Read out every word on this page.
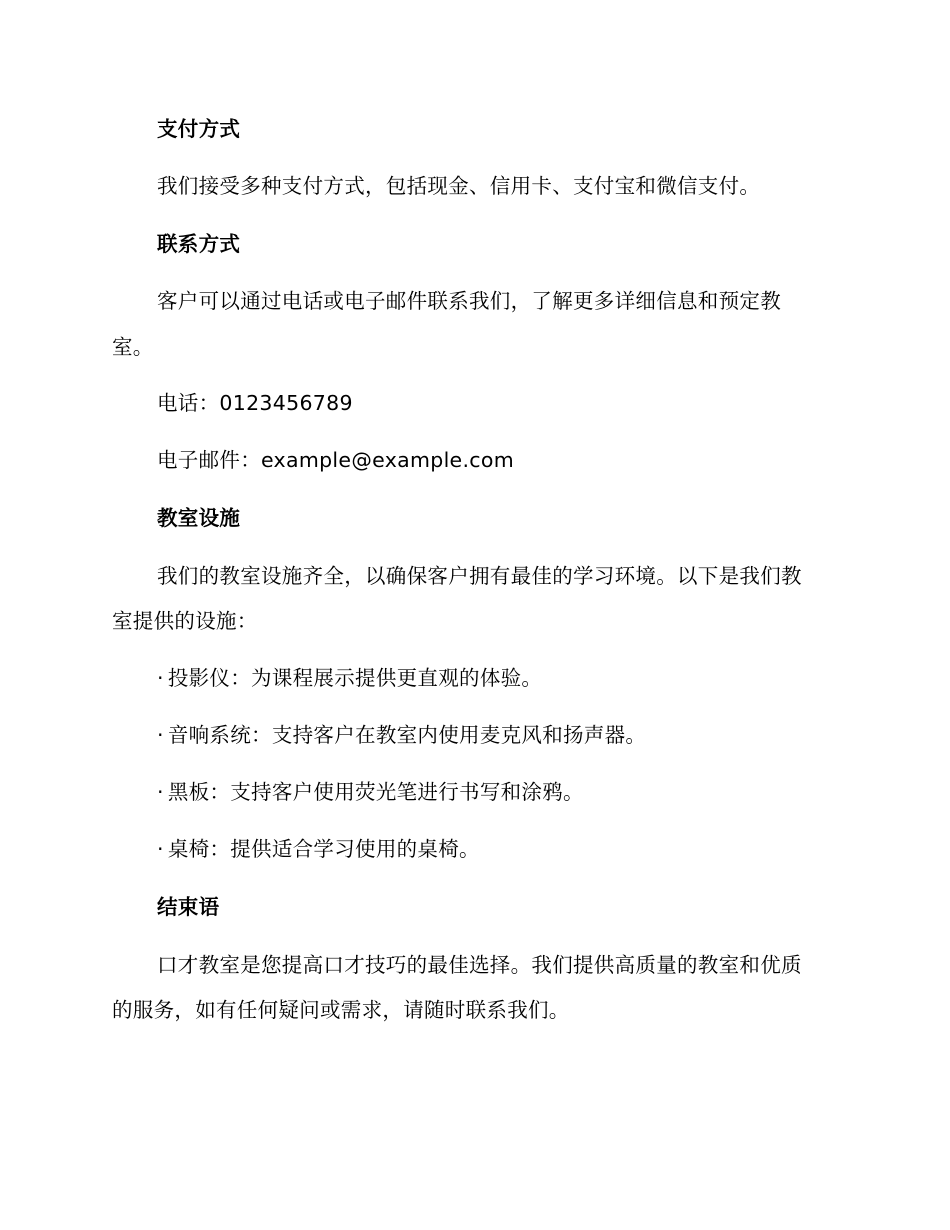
支付方式
我们接受多种支付方式，包括现金、信用卡、支付宝和微信支付。
联系方式
客户可以通过电话或电子邮件联系我们，了解更多详细信息和预定教
室。
电话：0123456789
电子邮件：example@example.com
教室设施
我们的教室设施齐全，以确保客户拥有最佳的学习环境。以下是我们教
室提供的设施：
· 投影仪：为课程展示提供更直观的体验。
· 音响系统：支持客户在教室内使用麦克风和扬声器。
· 黑板：支持客户使用荧光笔进行书写和涂鸦。
· 桌椅：提供适合学习使用的桌椅。
结束语
口才教室是您提高口才技巧的最佳选择。我们提供高质量的教室和优质
的服务，如有任何疑问或需求，请随时联系我们。
